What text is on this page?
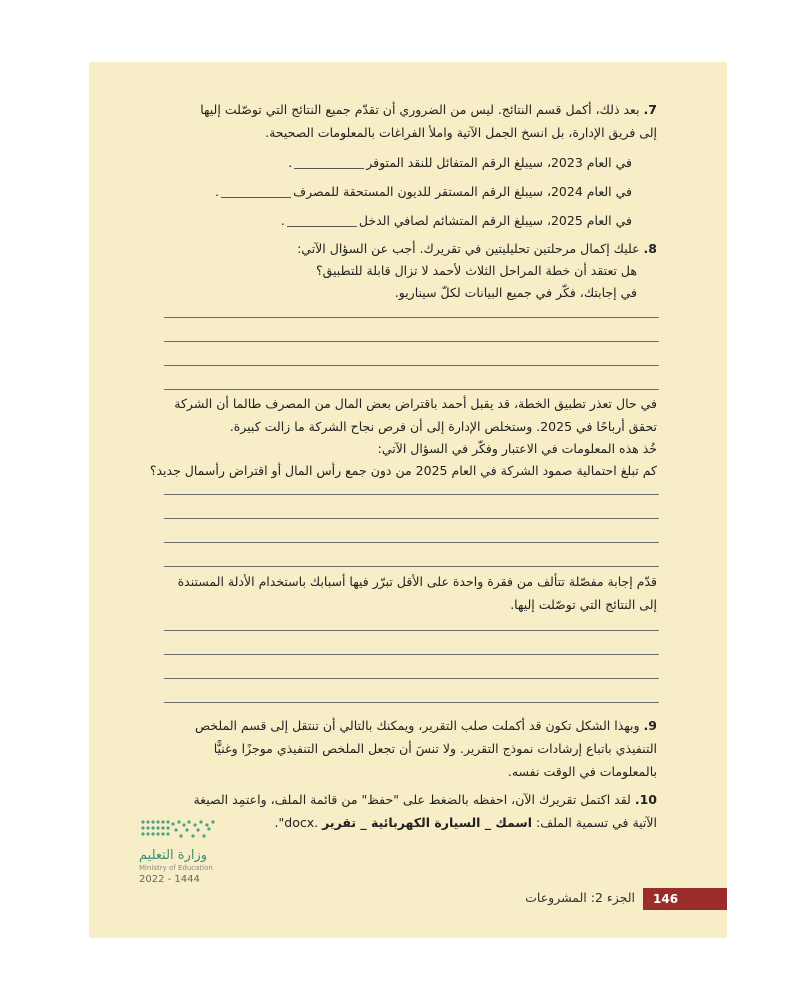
7. بعد ذلك، أكمل قسم النتائج. ليس من الضروري أن تقدّم جميع النتائج التي توصّلت إليها إلى فريق الإدارة، بل انسخ الجمل الآتية واملأ الفراغات بالمعلومات الصحيحة.
في العام 2023، سيبلغ الرقم المتفائل للنقد المتوفر.
في العام 2024، سيبلغ الرقم المستقر للديون المستحقة للمصرف.
في العام 2025، سيبلغ الرقم المتشائم لصافي الدخل.
8. عليك إكمال مرحلتين تحليليتين في تقريرك. أجب عن السؤال الآتي:
هل تعتقد أن خطة المراحل الثلاث لأحمد لا تزال قابلة للتطبيق؟
في إجابتك، فكّر في جميع البيانات لكلّ سيناريو.
في حال تعذر تطبيق الخطة، قد يقبل أحمد باقتراض بعض المال من المصرف طالما أن الشركة تحقق أرباحًا في 2025. وستخلص الإدارة إلى أن فرص نجاح الشركة ما زالت كبيرة.
خُذ هذه المعلومات في الاعتبار وفكّر في السؤال الآتي:
كم تبلغ احتمالية صمود الشركة في العام 2025 من دون جمع رأس المال أو اقتراض رأسمال جديد؟
قدّم إجابة مفصّلة تتألف من فقرة واحدة على الأقل تبرّر فيها أسبابك باستخدام الأدلة المستندة إلى النتائج التي توصّلت إليها.
9. وبهذا الشكل تكون قد أكملت صلب التقرير، ويمكنك بالتالي أن تنتقل إلى قسم الملخص التنفيذي باتباع إرشادات نموذج التقرير. ولا تنسَ أن تجعل الملخص التنفيذي موجزًا وغنيًّا بالمعلومات في الوقت نفسه.
10. لقد اكتمل تقريرك الآن، احفظه بالضغط على "حفظ" من قائمة الملف، واعتمِد الصيغة الآتية في تسمية الملف: اسمك _ السيارة الكهربائية _ تقرير .docx".
وزارة التعليم
Ministry of Education
2022 - 1444
146
الجزء 2: المشروعات
